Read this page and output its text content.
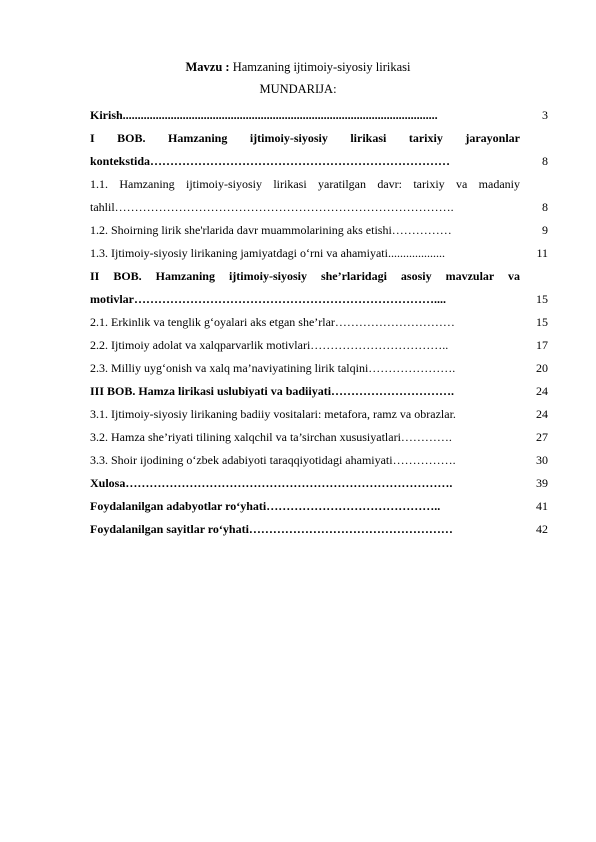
Mavzu : Hamzaning ijtimoiy-siyosiy lirikasi
MUNDARIJA:
Kirish.........................................................................................................	3
I BOB. Hamzaning ijtimoiy-siyosiy lirikasi tarixiy jarayonlar
kontekstida…………………………………………………………………	8
1.1. Hamzaning ijtimoiy-siyosiy lirikasi yaratilgan davr: tarixiy va madaniy
tahlil………………………………………………………………………….	8
1.2. Shoirning lirik she'rlarida davr muammolarining aks etishi……………	9
1.3. Ijtimoiy-siyosiy lirikaning jamiyatdagi o‘rni va ahamiyati...................	11
II BOB. Hamzaning ijtimoiy-siyosiy she’rlaridagi asosiy mavzular va
motivlar…………………………………………………………………....	15
2.1. Erkinlik va tenglik g‘oyalari aks etgan she’rlar…………………………	15
2.2. Ijtimoiy adolat va xalqparvarlik motivlari……………………………..	17
2.3. Milliy uyg‘onish va xalq ma’naviyatining lirik talqini………………….	20
III BOB. Hamza lirikasi uslubiyati va badiiyati………………………….	24
3.1. Ijtimoiy-siyosiy lirikaning badiiy vositalari: metafora, ramz va obrazlar.	24
3.2. Hamza she’riyati tilining xalqchil va ta’sirchan xususiyatlari………….	27
3.3. Shoir ijodining o‘zbek adabiyoti taraqqiyotidagi ahamiyati…………….	30
Xulosa……………………………………………………………………….	39
Foydalanilgan adabyotlar ro‘yhati……………………………………..	41
Foydalanilgan sayitlar ro‘yhati……………………………………………	42
